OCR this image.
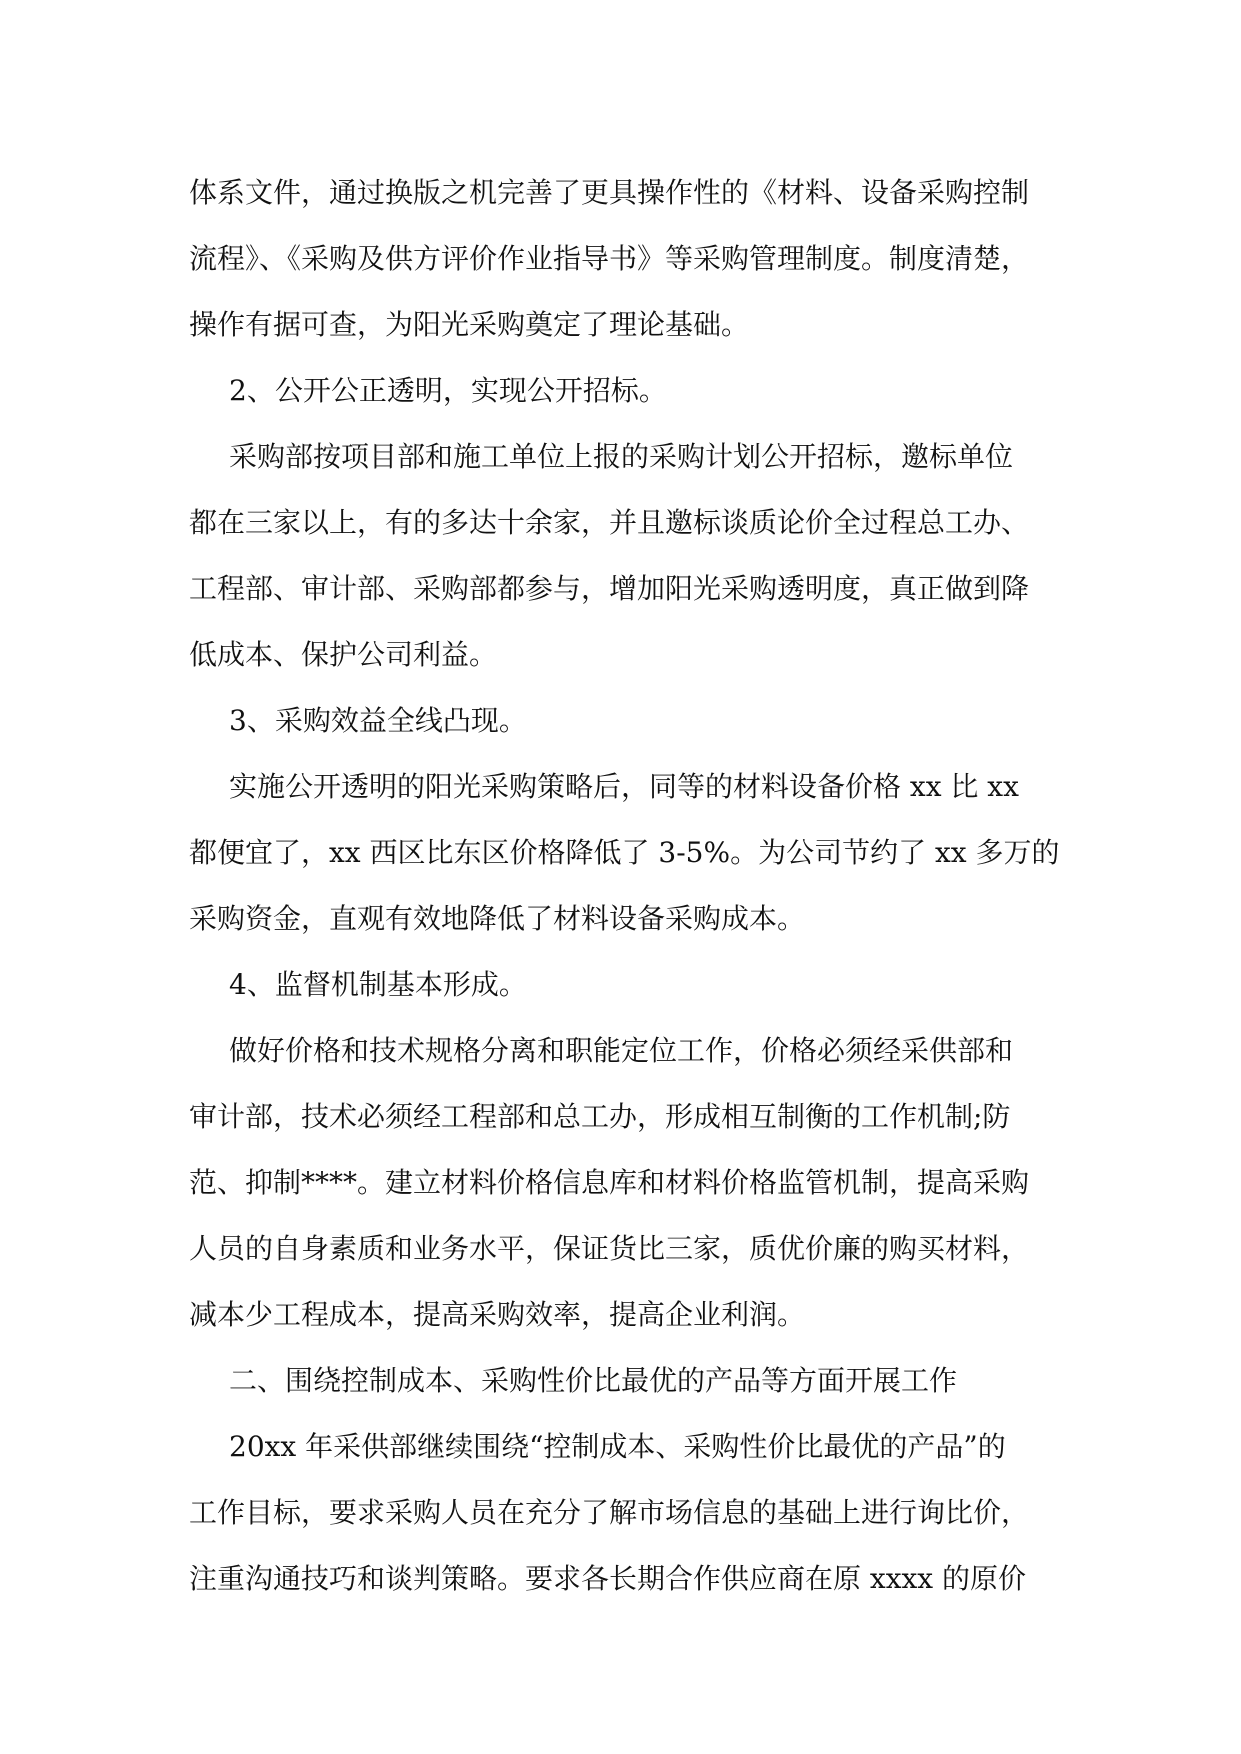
体系文件，通过换版之机完善了更具操作性的《材料、设备采购控制
流程》、《采购及供方评价作业指导书》等采购管理制度。制度清楚，
操作有据可查，为阳光采购奠定了理论基础。
2、公开公正透明，实现公开招标。
采购部按项目部和施工单位上报的采购计划公开招标，邀标单位
都在三家以上，有的多达十余家，并且邀标谈质论价全过程总工办、
工程部、审计部、采购部都参与，增加阳光采购透明度，真正做到降
低成本、保护公司利益。
3、采购效益全线凸现。
实施公开透明的阳光采购策略后，同等的材料设备价格 xx 比 xx
都便宜了，xx 西区比东区价格降低了 3-5%。为公司节约了 xx 多万的
采购资金，直观有效地降低了材料设备采购成本。
4、监督机制基本形成。
做好价格和技术规格分离和职能定位工作，价格必须经采供部和
审计部，技术必须经工程部和总工办，形成相互制衡的工作机制;防
范、抑制****。建立材料价格信息库和材料价格监管机制，提高采购
人员的自身素质和业务水平，保证货比三家，质优价廉的购买材料，
减本少工程成本，提高采购效率，提高企业利润。
二、围绕控制成本、采购性价比最优的产品等方面开展工作
20xx 年采供部继续围绕“控制成本、采购性价比最优的产品”的
工作目标，要求采购人员在充分了解市场信息的基础上进行询比价，
注重沟通技巧和谈判策略。要求各长期合作供应商在原 xxxx 的原价
